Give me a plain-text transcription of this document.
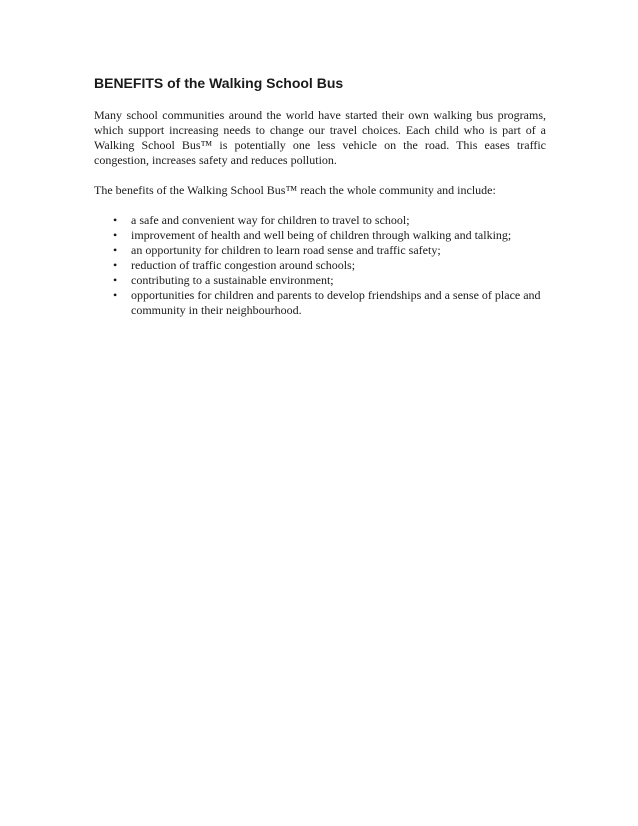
BENEFITS of the Walking School Bus

Many school communities around the world have started their own walking bus programs, which support increasing needs to change our travel choices. Each child who is part of a Walking School Bus™ is potentially one less vehicle on the road. This eases traffic congestion, increases safety and reduces pollution.

The benefits of the Walking School Bus™ reach the whole community and include:

• a safe and convenient way for children to travel to school;
• improvement of health and well being of children through walking and talking;
• an opportunity for children to learn road sense and traffic safety;
• reduction of traffic congestion around schools;
• contributing to a sustainable environment;
• opportunities for children and parents to develop friendships and a sense of place and community in their neighbourhood.
